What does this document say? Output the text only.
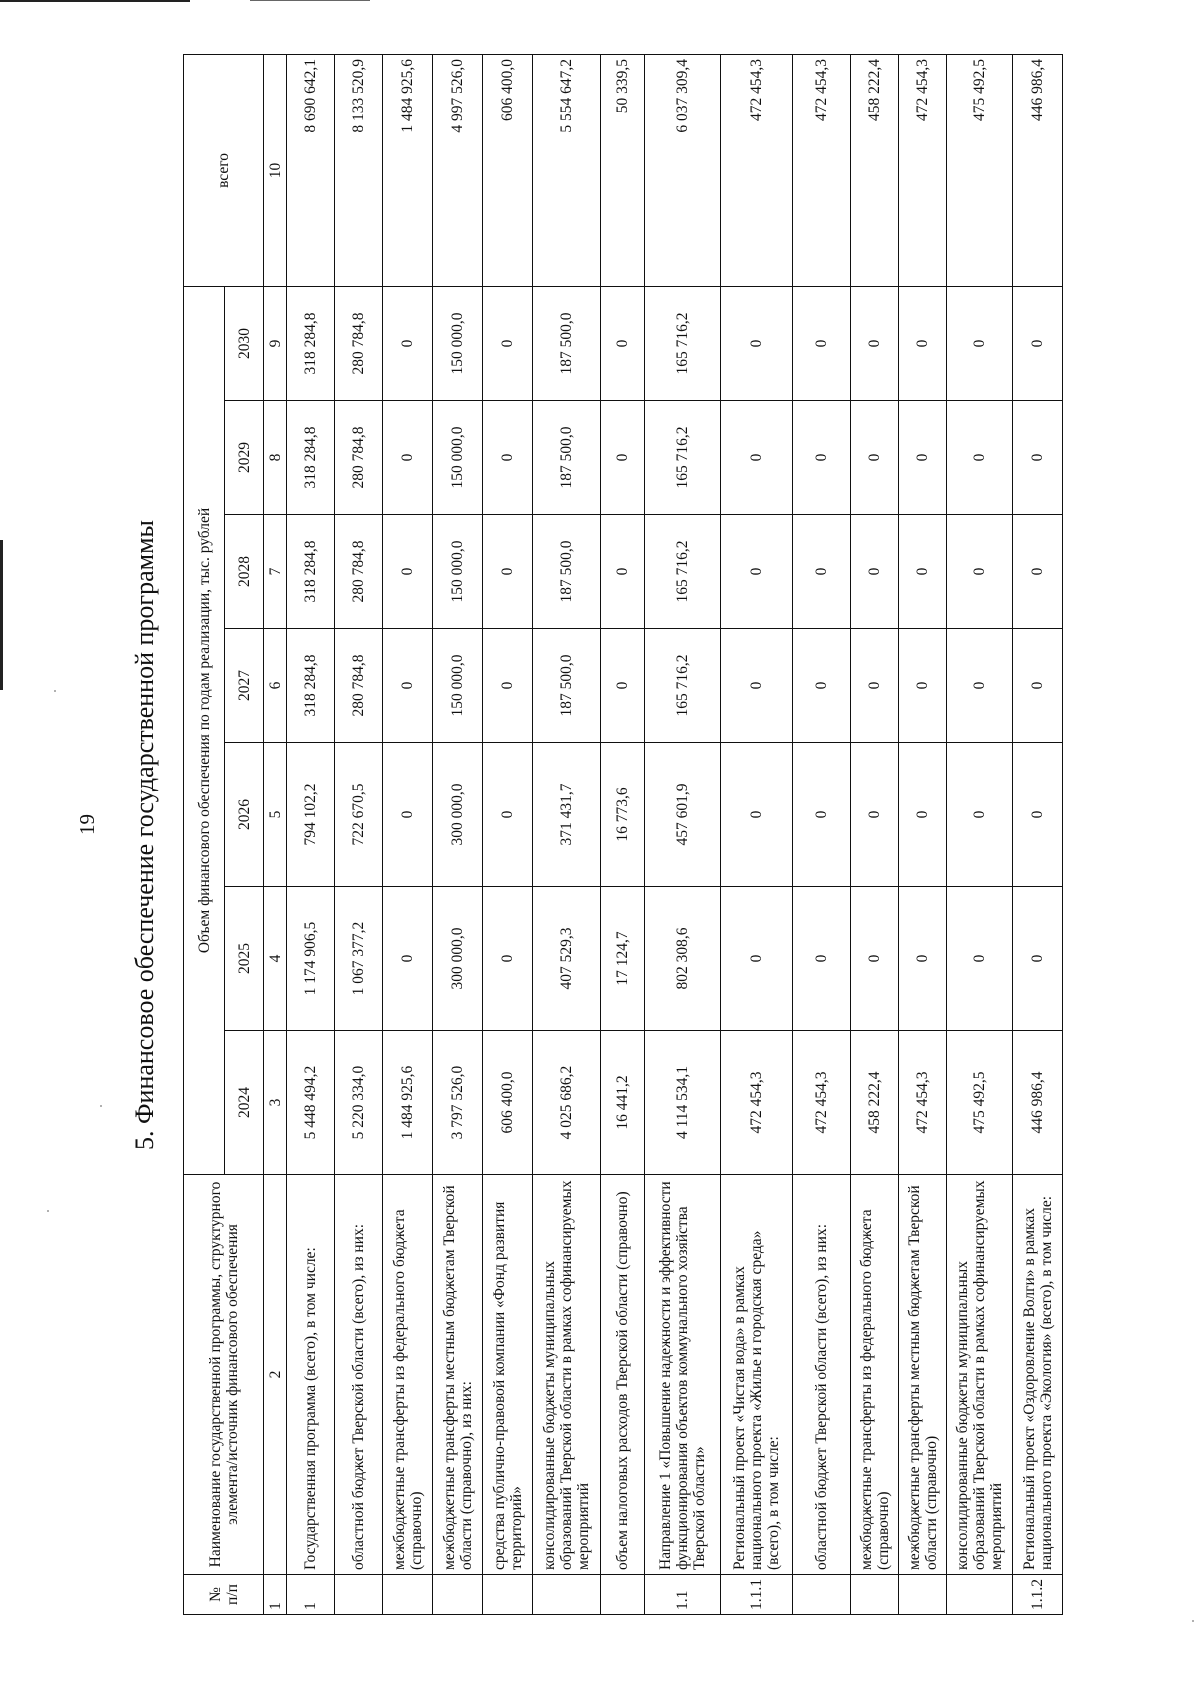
19 5. Финансовое обеспечение государственной программы
№ п/п	Наименование государственной программы, структурного элемента/источник финансового обеспечения	Объем финансового обеспечения по годам реализации, тыс. рублей							всего
		2024	2025	2026	2027	2028	2029	2030	
1	2	3	4	5	6	7	8	9	10
1	Государственная программа (всего), в том числе:	5 448 494,2	1 174 906,5	794 102,2	318 284,8	318 284,8	318 284,8	318 284,8	8 690 642,1
	областной бюджет Тверской области (всего), из них:	5 220 334,0	1 067 377,2	722 670,5	280 784,8	280 784,8	280 784,8	280 784,8	8 133 520,9
	межбюджетные трансферты из федерального бюджета (справочно)	1 484 925,6	0	0	0	0	0	0	1 484 925,6
	межбюджетные трансферты местным бюджетам Тверской области (справочно), из них:	3 797 526,0	300 000,0	300 000,0	150 000,0	150 000,0	150 000,0	150 000,0	4 997 526,0
	средства публично-правовой компании «Фонд развития территорий»	606 400,0	0	0	0	0	0	0	606 400,0
	консолидированные бюджеты муниципальных образований Тверской области в рамках софинансируемых мероприятий	4 025 686,2	407 529,3	371 431,7	187 500,0	187 500,0	187 500,0	187 500,0	5 554 647,2
	объем налоговых расходов Тверской области (справочно)	16 441,2	17 124,7	16 773,6	0	0	0	0	50 339,5
1.1	Направление 1 «Повышение надежности и эффективности функционирования объектов коммунального хозяйства Тверской области»	4 114 534,1	802 308,6	457 601,9	165 716,2	165 716,2	165 716,2	165 716,2	6 037 309,4
1.1.1	Региональный проект «Чистая вода» в рамках национального проекта «Жилье и городская среда» (всего), в том числе:	472 454,3	0	0	0	0	0	0	472 454,3
	областной бюджет Тверской области (всего), из них:	472 454,3	0	0	0	0	0	0	472 454,3
	межбюджетные трансферты из федерального бюджета (справочно)	458 222,4	0	0	0	0	0	0	458 222,4
	межбюджетные трансферты местным бюджетам Тверской области (справочно)	472 454,3	0	0	0	0	0	0	472 454,3
	консолидированные бюджеты муниципальных образований Тверской области в рамках софинансируемых мероприятий	475 492,5	0	0	0	0	0	0	475 492,5
1.1.2	Региональный проект «Оздоровление Волги» в рамках национального проекта «Экология» (всего), в том числе:	446 986,4	0	0	0	0	0	0	446 986,4
